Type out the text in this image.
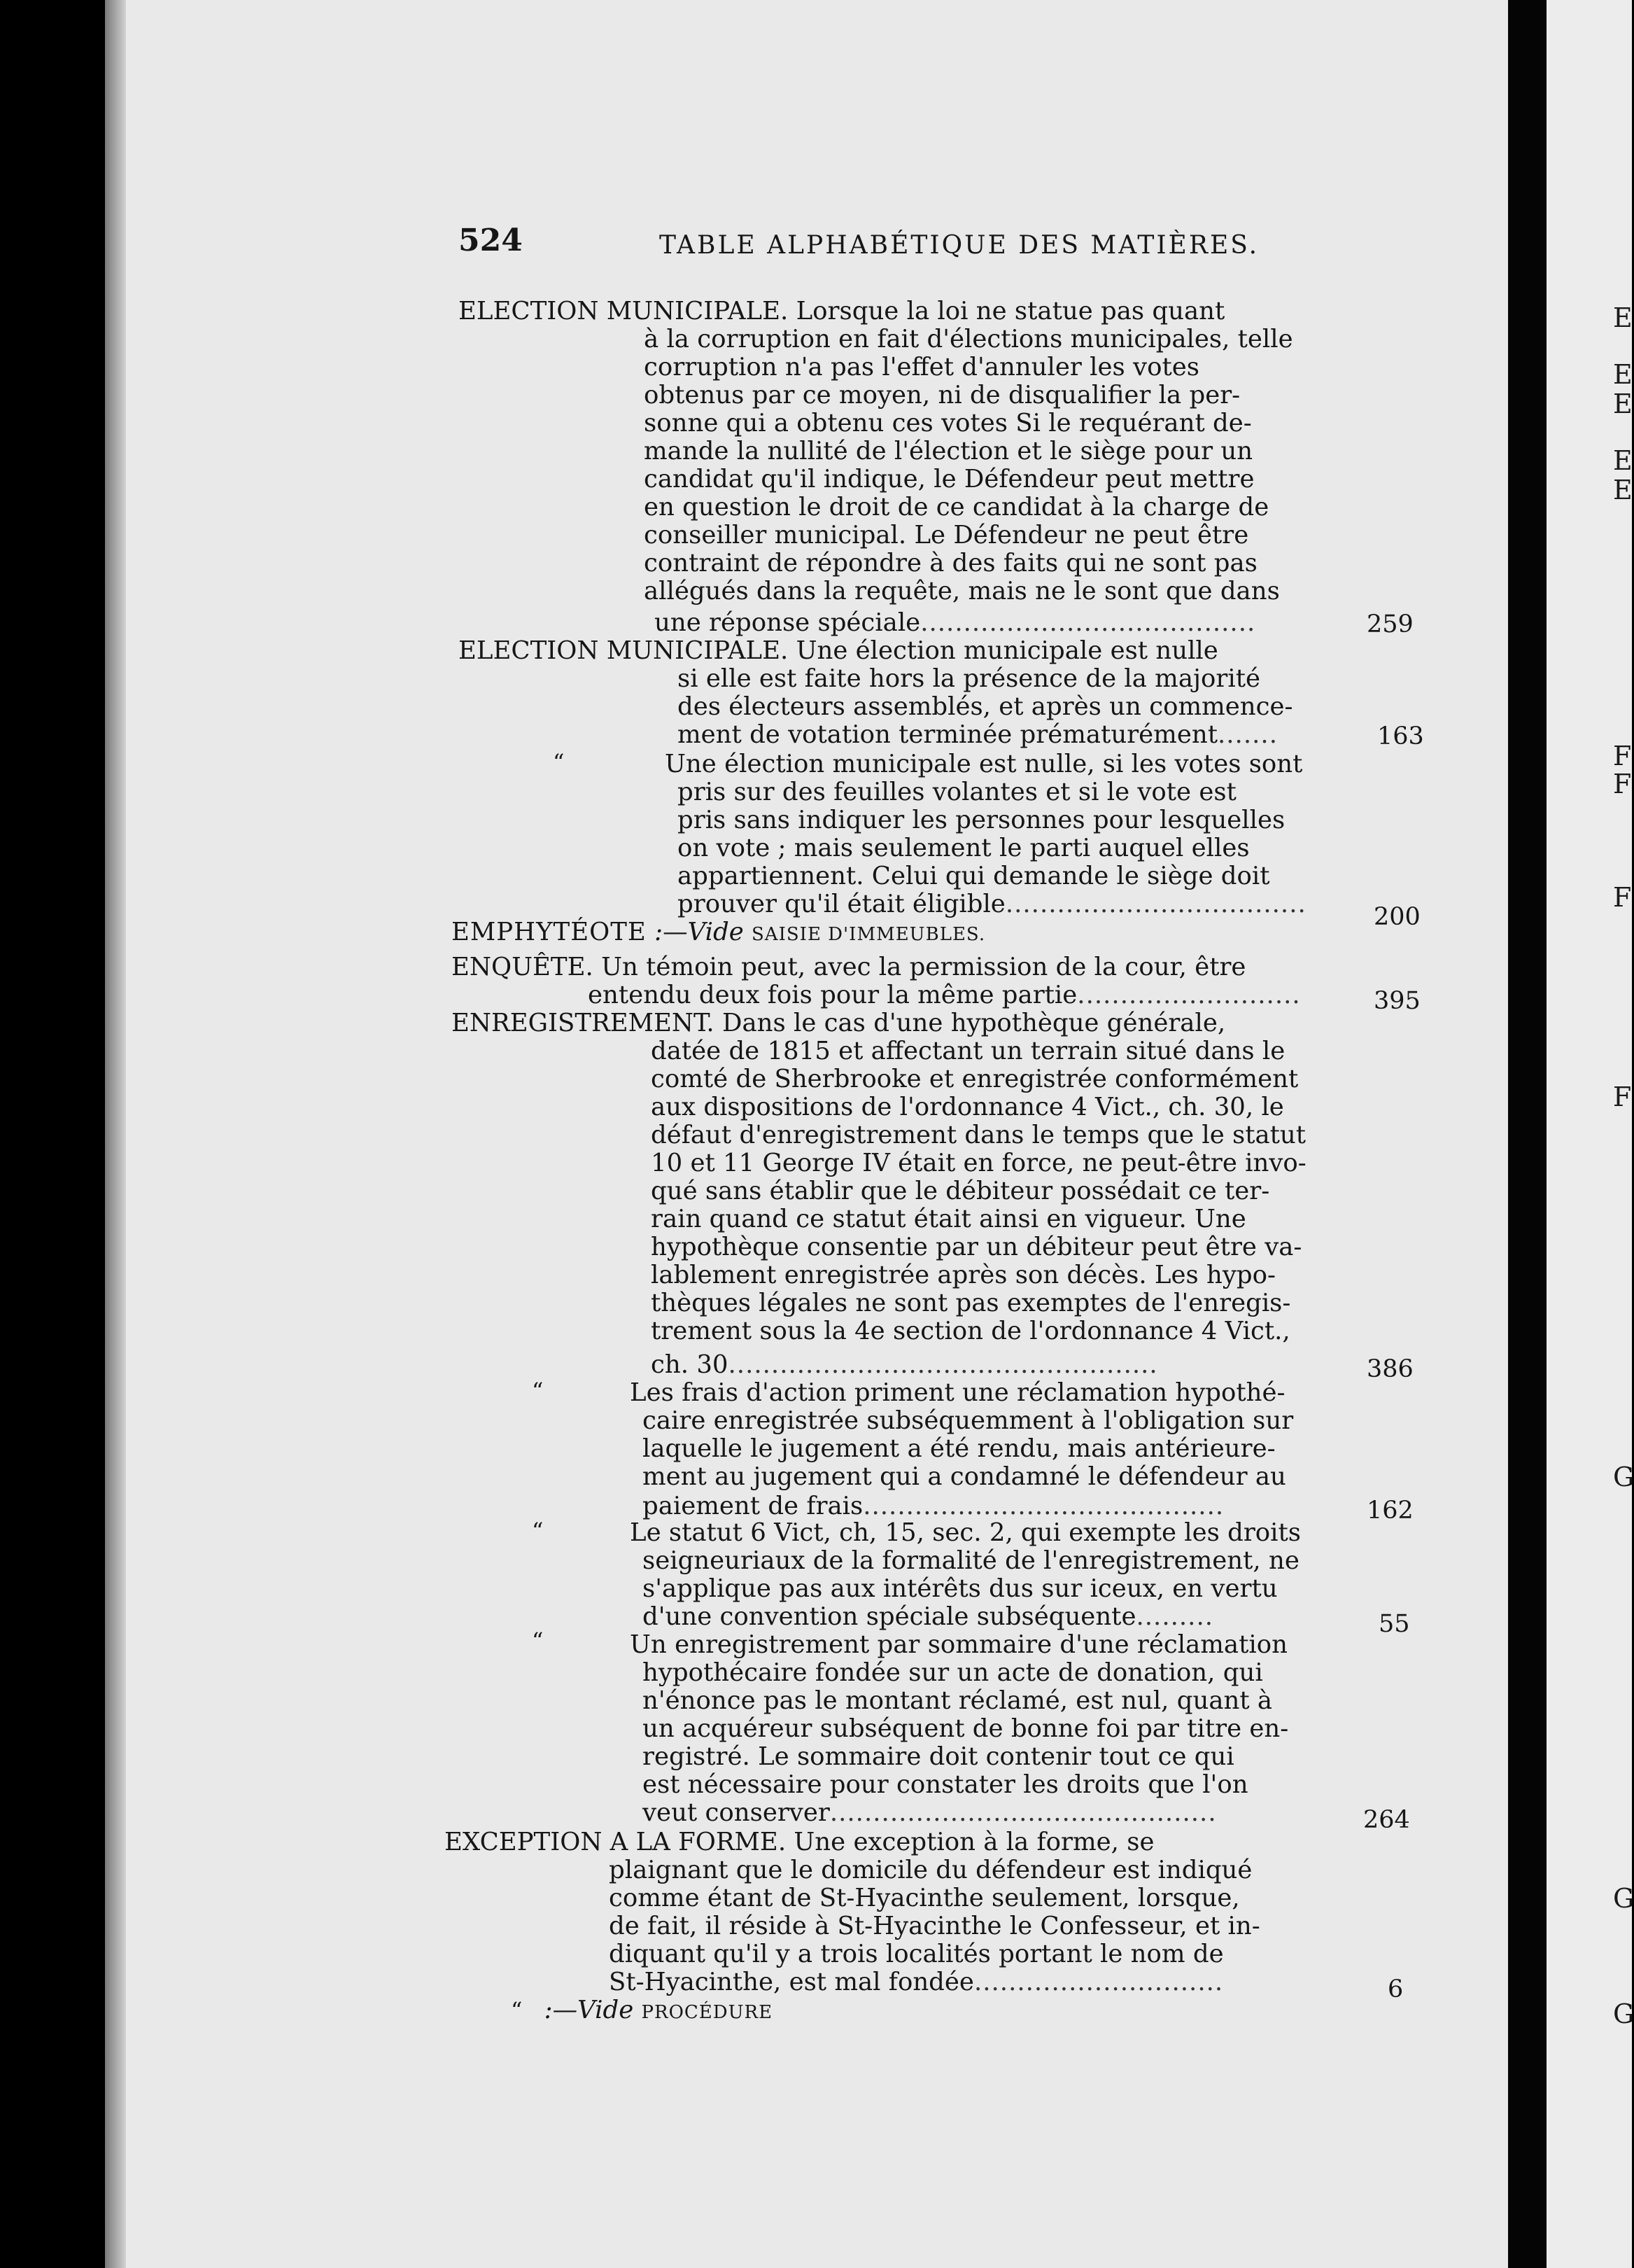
E
E
E
E
E
F
F
F
F
G
G
G
524	TABLE ALPHABÉTIQUE DES MATIÈRES.
ELECTION MUNICIPALE. Lorsque la loi ne statue pas quant
à la corruption en fait d'élections municipales, telle
corruption n'a pas l'effet d'annuler les votes
obtenus par ce moyen, ni de disqualifier la per-
sonne qui a obtenu ces votes Si le requérant de-
mande la nullité de l'élection et le siège pour un
candidat qu'il indique, le Défendeur peut mettre
en question le droit de ce candidat à la charge de
conseiller municipal. Le Défendeur ne peut être
contraint de répondre à des faits qui ne sont pas
allégués dans la requête, mais ne le sont que dans
une réponse spéciale.......................................	259
ELECTION MUNICIPALE. Une élection municipale est nulle
si elle est faite hors la présence de la majorité
des électeurs assemblés, et après un commence-
ment de votation terminée prématurément.......	163
“	Une élection municipale est nulle, si les votes sont
pris sur des feuilles volantes et si le vote est
pris sans indiquer les personnes pour lesquelles
on vote ; mais seulement le parti auquel elles
appartiennent. Celui qui demande le siège doit
prouver qu'il était éligible...................................	200
EMPHYTÉOTE :—Vide SAISIE D'IMMEUBLES.
ENQUÊTE. Un témoin peut, avec la permission de la cour, être
entendu deux fois pour la même partie..........................	395
ENREGISTREMENT. Dans le cas d'une hypothèque générale,
datée de 1815 et affectant un terrain situé dans le
comté de Sherbrooke et enregistrée conformément
aux dispositions de l'ordonnance 4 Vict., ch. 30, le
défaut d'enregistrement dans le temps que le statut
10 et 11 George IV était en force, ne peut-être invo-
qué sans établir que le débiteur possédait ce ter-
rain quand ce statut était ainsi en vigueur. Une
hypothèque consentie par un débiteur peut être va-
lablement enregistrée après son décès. Les hypo-
thèques légales ne sont pas exemptes de l'enregis-
trement sous la 4e section de l'ordonnance 4 Vict.,
ch. 30..................................................	386
“	Les frais d'action priment une réclamation hypothé-
caire enregistrée subséquemment à l'obligation sur
laquelle le jugement a été rendu, mais antérieure-
ment au jugement qui a condamné le défendeur au
paiement de frais..........................................	162
“	Le statut 6 Vict, ch, 15, sec. 2, qui exempte les droits
seigneuriaux de la formalité de l'enregistrement, ne
s'applique pas aux intérêts dus sur iceux, en vertu
d'une convention spéciale subséquente.........	55
“	Un enregistrement par sommaire d'une réclamation
hypothécaire fondée sur un acte de donation, qui
n'énonce pas le montant réclamé, est nul, quant à
un acquéreur subséquent de bonne foi par titre en-
registré. Le sommaire doit contenir tout ce qui
est nécessaire pour constater les droits que l'on
veut conserver.............................................	264
EXCEPTION A LA FORME. Une exception à la forme, se
plaignant que le domicile du défendeur est indiqué
comme étant de St-Hyacinthe seulement, lorsque,
de fait, il réside à St-Hyacinthe le Confesseur, et in-
diquant qu'il y a trois localités portant le nom de
St-Hyacinthe, est mal fondée.............................	6
“ :—Vide PROCÉDURE
